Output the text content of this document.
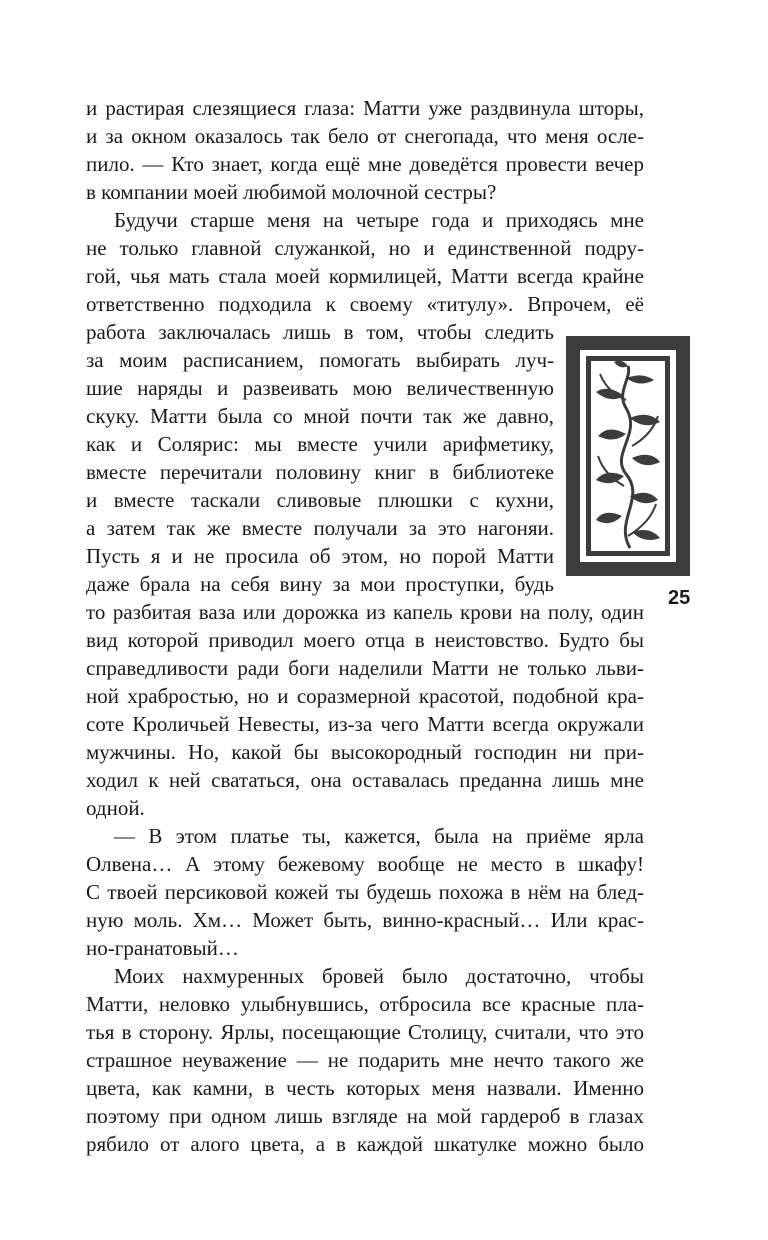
и растирая слезящиеся глаза: Матти уже раздвинула шторы,
и за окном оказалось так бело от снегопада, что меня осле-
пило. — Кто знает, когда ещё мне доведётся провести вечер
в компании моей любимой молочной сестры?
Будучи старше меня на четыре года и приходясь мне
не только главной служанкой, но и единственной подру-
гой, чья мать стала моей кормилицей, Матти всегда крайне
ответственно подходила к своему «титулу». Впрочем, её
работа заключалась лишь в том, чтобы следить
за моим расписанием, помогать выбирать луч-
шие наряды и развеивать мою величественную
скуку. Матти была со мной почти так же давно,
как и Солярис: мы вместе учили арифметику,
вместе перечитали половину книг в библиотеке
и вместе таскали сливовые плюшки с кухни,
а затем так же вместе получали за это нагоняи.
Пусть я и не просила об этом, но порой Матти
даже брала на себя вину за мои проступки, будь
то разбитая ваза или дорожка из капель крови на полу, один
вид которой приводил моего отца в неистовство. Будто бы
справедливости ради боги наделили Матти не только льви-
ной храбростью, но и соразмерной красотой, подобной кра-
соте Кроличьей Невесты, из-за чего Матти всегда окружали
мужчины. Но, какой бы высокородный господин ни при-
ходил к ней свататься, она оставалась преданна лишь мне
одной.
— В этом платье ты, кажется, была на приёме ярла
Олвена… А этому бежевому вообще не место в шкафу!
С твоей персиковой кожей ты будешь похожа в нём на блед-
ную моль. Хм… Может быть, винно-красный… Или крас-
но-гранатовый…
Моих нахмуренных бровей было достаточно, чтобы
Матти, неловко улыбнувшись, отбросила все красные пла-
тья в сторону. Ярлы, посещающие Столицу, считали, что это
страшное неуважение — не подарить мне нечто такого же
цвета, как камни, в честь которых меня назвали. Именно
поэтому при одном лишь взгляде на мой гардероб в глазах
рябило от алого цвета, а в каждой шкатулке можно было
25
